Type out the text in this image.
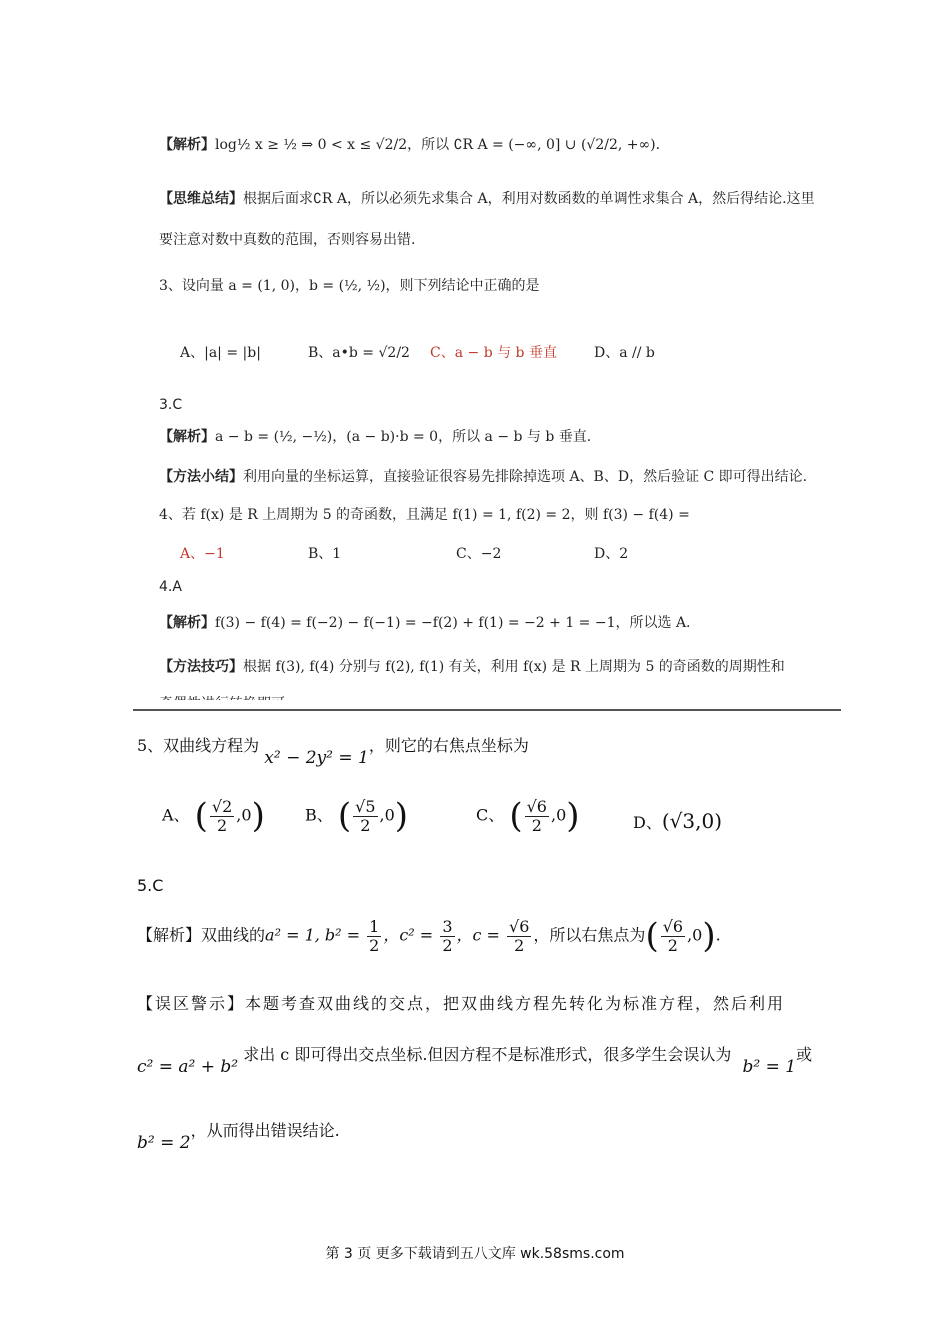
【解析】log½ x ≥ ½ ⇒ 0 < x ≤ √2/2，所以 ∁R A = (−∞, 0] ∪ (√2/2, +∞)．
【思维总结】根据后面求∁R A，所以必须先求集合 A，利用对数函数的单调性求集合 A，然后得结论.这里
要注意对数中真数的范围，否则容易出错.
3、设向量 a = (1, 0)，b = (½, ½)，则下列结论中正确的是
A、|a| = |b|	B、a•b = √2/2 C、a − b 与 b 垂直	D、a // b
3.C
【解析】a − b = (½, −½)，(a − b)·b = 0，所以 a − b 与 b 垂直.
【方法小结】利用向量的坐标运算，直接验证很容易先排除掉选项 A、B、D，然后验证 C 即可得出结论.
4、若 f(x) 是 R 上周期为 5 的奇函数，且满足 f(1) = 1, f(2) = 2，则 f(3) − f(4) =
A、−1	B、1	C、−2	D、2
4.A
【解析】f(3) − f(4) = f(−2) − f(−1) = −f(2) + f(1) = −2 + 1 = −1，所以选 A.
【方法技巧】根据 f(3), f(4) 分别与 f(2), f(1) 有关，利用 f(x) 是 R 上周期为 5 的奇函数的周期性和
5、双曲线方程为 x² − 2y² = 1，则它的右焦点坐标为
A、 ( $\frac{√2}{2} ,0$)	B、 ( $\frac{√5}{2} ,0$)	C、 ( $\frac{√6}{2} ,0$)	D、(√3,0)
5.C
【解析】双曲线的a² = 1, $b^2 = \frac{1}{2}$ ，$c^2 = \frac{3}{2}$ ，$c = \frac{√6}{2}$ ，所以右焦点为( $\frac{√6}{2} ,0$).
【误区警示】本题考查双曲线的交点，把双曲线方程先转化为标准方程，然后利用
c² = a² + b² 求出 c 即可得出交点坐标.但因方程不是标准形式，很多学生会误认为 b² = 1或
b² = 2，从而得出错误结论.
第 3 页 更多下载请到五八文库 wk.58sms.com
